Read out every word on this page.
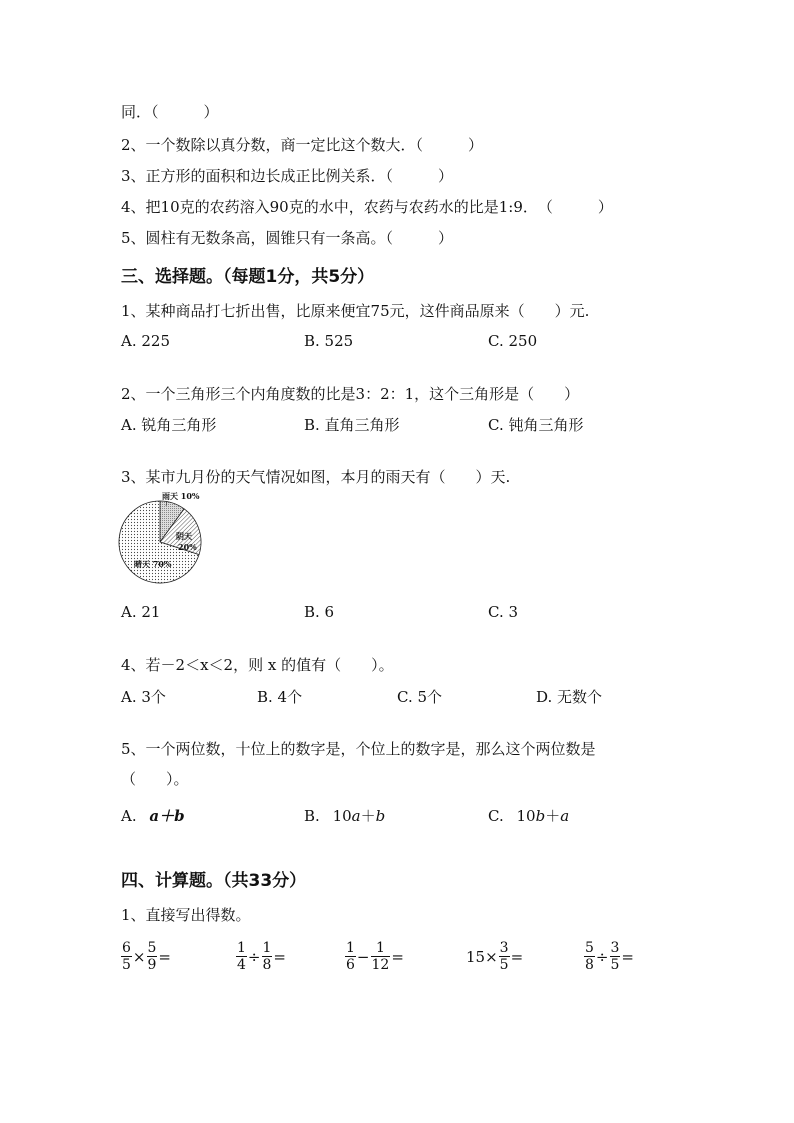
同．（　　　）
2、一个数除以真分数，商一定比这个数大．（　　　）
3、正方形的面积和边长成正比例关系．（　　　）
4、把10克的农药溶入90克的水中，农药与农药水的比是1:9．　（　　　）
5、圆柱有无数条高，圆锥只有一条高。（　　　）
三、选择题。（每题1分，共5分）
1、某种商品打七折出售，比原来便宜75元，这件商品原来（　　）元.
A. 225	B. 525	C. 250
2、一个三角形三个内角度数的比是3：2：1，这个三角形是（　　）
A. 锐角三角形	B. 直角三角形	C. 钝角三角形
3、某市九月份的天气情况如图，本月的雨天有（　　）天.
晴天 70%
阴天
20%
雨天 10%
A. 21	B. 6	C. 3
4、若－2＜x＜2，则 x 的值有（　　）。
A. 3个	B. 4个	C. 5个	D. 无数个
5、一个两位数，十位上的数字是，个位上的数字是，那么这个两位数是
（　　）。
A. a＋b	B. 10a＋b	C. 10b＋a
四、计算题。（共33分）
1、直接写出得数。
$\frac{6}{5} \times \frac{5}{9}$ =	$\frac{1}{4} \div \frac{1}{8}$ =	$\frac{1}{6} - \frac{1}{12}$ =	$15\times \frac{3}{5}$ =	$\frac{5}{8} \div \frac{3}{5}$ =
